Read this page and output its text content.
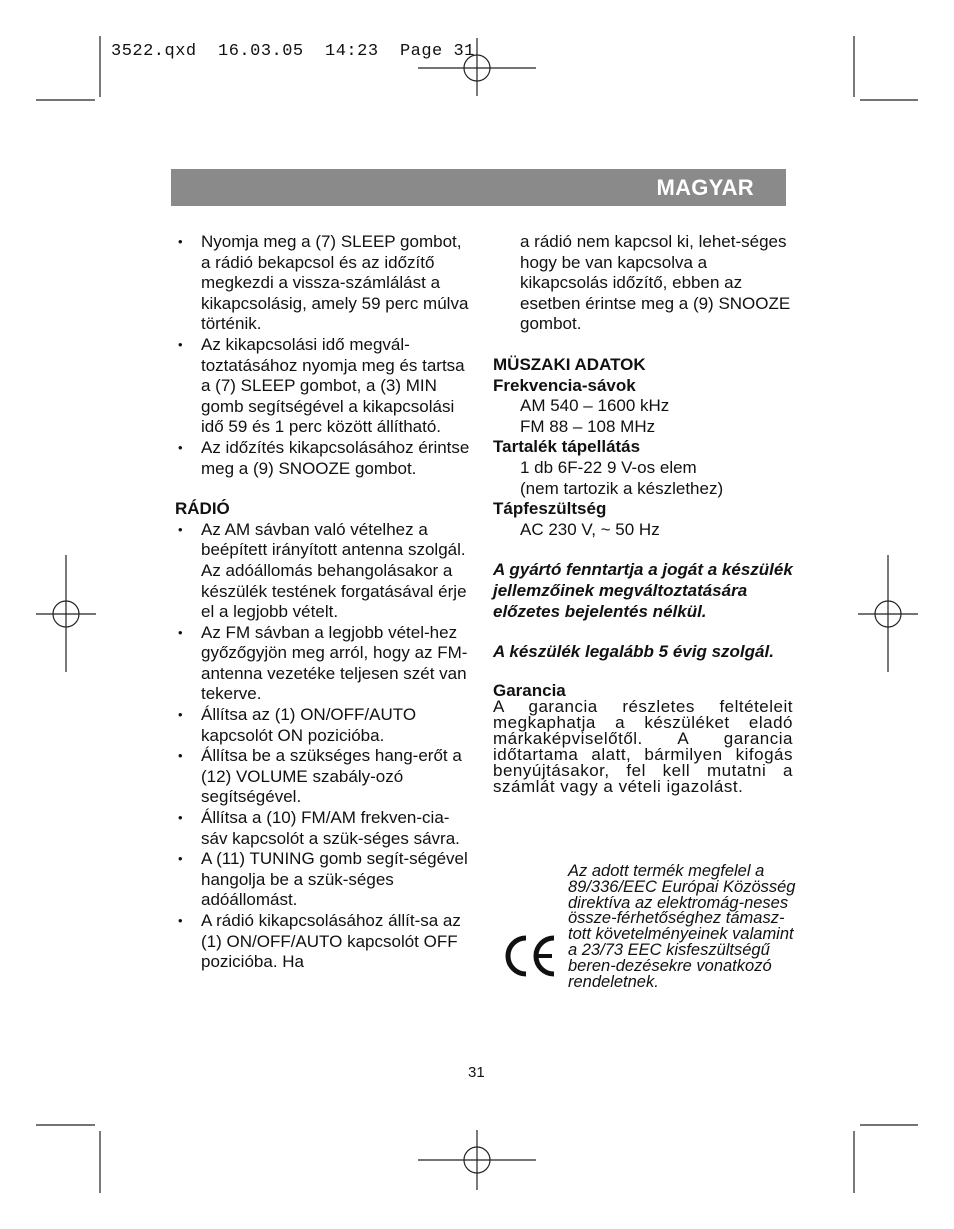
3522.qxd  16.03.05  14:23  Page 31
MAGYAR
• Nyomja meg a (7) SLEEP gombot, a rádió bekapcsol és az időzítő megkezdi a vissza-számlálást a kikapcsolásig, amely 59 perc múlva történik.
• Az kikapcsolási idő megvál-toztatásához nyomja meg és tartsa a (7) SLEEP gombot, a (3) MIN gomb segítségével a kikapcsolási idő 59 és 1 perc között állítható.
• Az időzítés kikapcsolásához érintse meg a (9) SNOOZE gombot.
RÁDIÓ
• Az AM sávban való vételhez a beépített irányított antenna szolgál. Az adóállomás behangolásakor a készülék testének forgatásával érje el a legjobb vételt.
• Az FM sávban a legjobb vétel-hez győzőgyjön meg arról, hogy az FM-antenna vezetéke teljesen szét van tekerve.
• Állítsa az (1) ON/OFF/AUTO kapcsolót ON pozicióba.
• Állítsa be a szükséges hang-erőt a (12) VOLUME szabály-ozó segítségével.
• Állítsa a (10) FM/AM frekven-cia-sáv kapcsolót a szük-séges sávra.
• A (11) TUNING gomb segít-ségével hangolja be a szük-séges adóállomást.
• A rádió kikapcsolásához állít-sa az (1) ON/OFF/AUTO kapcsolót OFF pozicióba. Ha
a rádió nem kapcsol ki, lehet-séges hogy be van kapcsolva a kikapcsolás időzítő, ebben az esetben érintse meg a (9) SNOOZE gombot.
MÜSZAKI ADATOK
Frekvencia-sávok
AM 540 – 1600 kHz
FM 88 – 108 MHz
Tartalék tápellátás
1 db 6F-22 9 V-os elem
(nem tartozik a készlethez)
Tápfeszültség
AC 230 V, ~ 50 Hz
A gyártó fenntartja a jogát a készülék jellemzőinek megváltoztatására előzetes bejelentés nélkül.
A készülék legalább 5 évig szolgál.
Garancia
A garancia részletes feltételeit megkaphatja a készüléket eladó márkaképviselőtől. A garancia időtartama alatt, bármilyen kifogás benyújtásakor, fel kell mutatni a számlát vagy a vételi igazolást.
Az adott termék megfelel a 89/336/EEC Európai Közösség direktíva az elektromág-neses össze-férhetőséghez támasz-tott követelményeinek valamint a 23/73 EEC kisfeszültségű beren-dezésekre vonatkozó rendeletnek.
31
